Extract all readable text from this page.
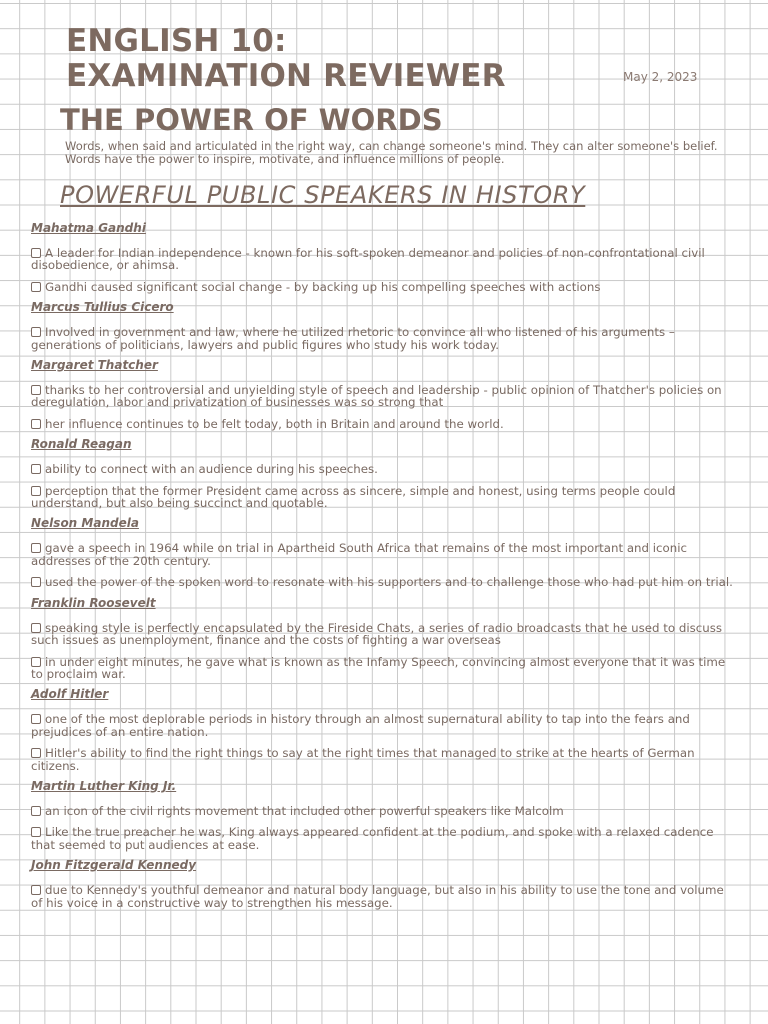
ENGLISH 10:
EXAMINATION REVIEWER	May 2, 2023
THE POWER OF WORDS

Words, when said and articulated in the right way, can change someone's mind. They can alter someone's belief. Words have the power to inspire, motivate, and influence millions of people.

POWERFUL PUBLIC SPEAKERS IN HISTORY

Mahatma Gandhi

A leader for Indian independence - known for his soft-spoken demeanor and policies of non-confrontational civil disobedience, or ahimsa.

Gandhi caused significant social change - by backing up his compelling speeches with actions

Marcus Tullius Cicero

Involved in government and law, where he utilized rhetoric to convince all who listened of his arguments – generations of politicians, lawyers and public figures who study his work today.

Margaret Thatcher

thanks to her controversial and unyielding style of speech and leadership - public opinion of Thatcher's policies on deregulation, labor and privatization of businesses was so strong that

her influence continues to be felt today, both in Britain and around the world.

Ronald Reagan

ability to connect with an audience during his speeches.

perception that the former President came across as sincere, simple and honest, using terms people could understand, but also being succinct and quotable.

Nelson Mandela

gave a speech in 1964 while on trial in Apartheid South Africa that remains of the most important and iconic addresses of the 20th century.

used the power of the spoken word to resonate with his supporters and to challenge those who had put him on trial.

Franklin Roosevelt

speaking style is perfectly encapsulated by the Fireside Chats, a series of radio broadcasts that he used to discuss such issues as unemployment, finance and the costs of fighting a war overseas

in under eight minutes, he gave what is known as the Infamy Speech, convincing almost everyone that it was time to proclaim war.

Adolf Hitler

one of the most deplorable periods in history through an almost supernatural ability to tap into the fears and prejudices of an entire nation.

Hitler's ability to find the right things to say at the right times that managed to strike at the hearts of German citizens.

Martin Luther King Jr.

an icon of the civil rights movement that included other powerful speakers like Malcolm

Like the true preacher he was, King always appeared confident at the podium, and spoke with a relaxed cadence that seemed to put audiences at ease.

John Fitzgerald Kennedy

due to Kennedy's youthful demeanor and natural body language, but also in his ability to use the tone and volume of his voice in a constructive way to strengthen his message.
